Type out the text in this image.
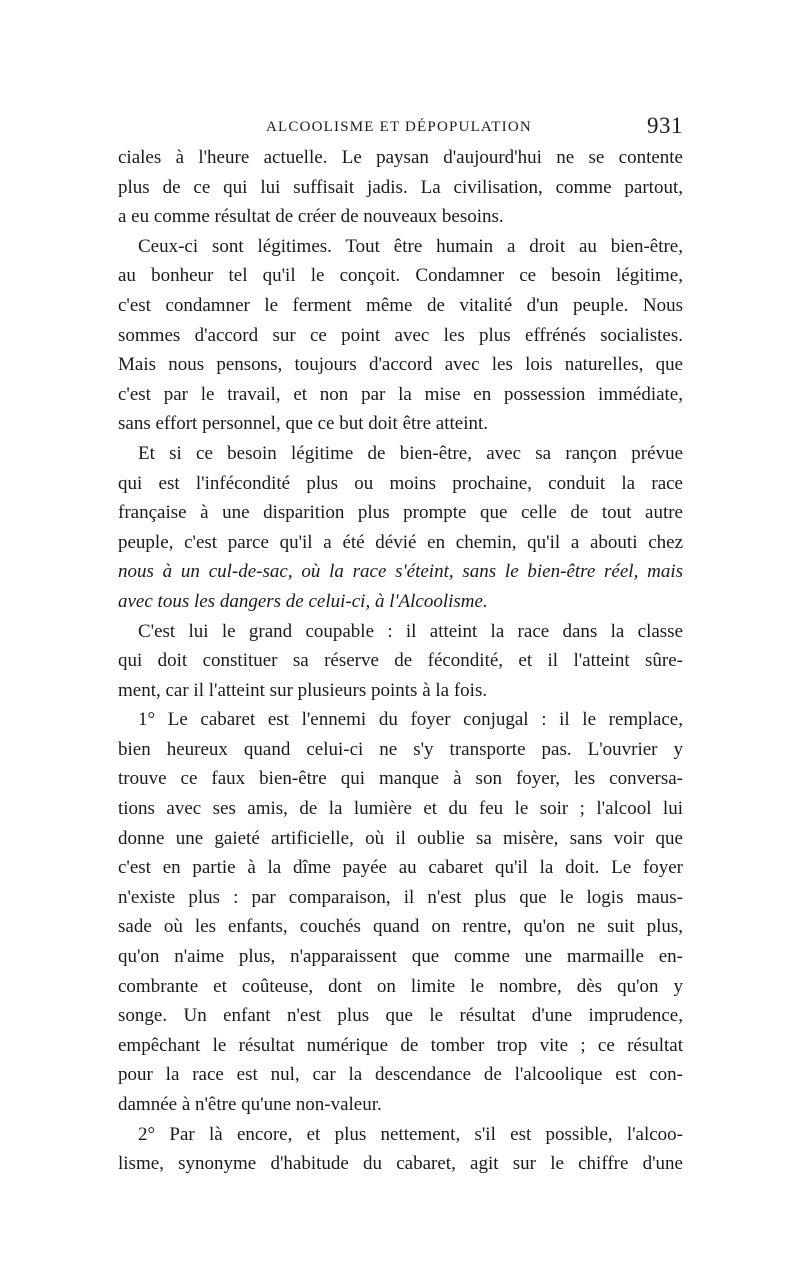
ALCOOLISME ET DÉPOPULATION	931
ciales à l'heure actuelle. Le paysan d'aujourd'hui ne se contente
plus de ce qui lui suffisait jadis. La civilisation, comme partout,
a eu comme résultat de créer de nouveaux besoins.
Ceux-ci sont légitimes. Tout être humain a droit au bien-être,
au bonheur tel qu'il le conçoit. Condamner ce besoin légitime,
c'est condamner le ferment même de vitalité d'un peuple. Nous
sommes d'accord sur ce point avec les plus effrénés socialistes.
Mais nous pensons, toujours d'accord avec les lois naturelles, que
c'est par le travail, et non par la mise en possession immédiate,
sans effort personnel, que ce but doit être atteint.
Et si ce besoin légitime de bien-être, avec sa rançon prévue
qui est l'infécondité plus ou moins prochaine, conduit la race
française à une disparition plus prompte que celle de tout autre
peuple, c'est parce qu'il a été dévié en chemin, qu'il a abouti chez
nous à un cul-de-sac, où la race s'éteint, sans le bien-être réel, mais
avec tous les dangers de celui-ci, à l'Alcoolisme.
C'est lui le grand coupable : il atteint la race dans la classe
qui doit constituer sa réserve de fécondité, et il l'atteint sûre-
ment, car il l'atteint sur plusieurs points à la fois.
1° Le cabaret est l'ennemi du foyer conjugal : il le remplace,
bien heureux quand celui-ci ne s'y transporte pas. L'ouvrier y
trouve ce faux bien-être qui manque à son foyer, les conversa-
tions avec ses amis, de la lumière et du feu le soir ; l'alcool lui
donne une gaieté artificielle, où il oublie sa misère, sans voir que
c'est en partie à la dîme payée au cabaret qu'il la doit. Le foyer
n'existe plus : par comparaison, il n'est plus que le logis maus-
sade où les enfants, couchés quand on rentre, qu'on ne suit plus,
qu'on n'aime plus, n'apparaissent que comme une marmaille en-
combrante et coûteuse, dont on limite le nombre, dès qu'on y
songe. Un enfant n'est plus que le résultat d'une imprudence,
empêchant le résultat numérique de tomber trop vite ; ce résultat
pour la race est nul, car la descendance de l'alcoolique est con-
damnée à n'être qu'une non-valeur.
2° Par là encore, et plus nettement, s'il est possible, l'alcoo-
lisme, synonyme d'habitude du cabaret, agit sur le chiffre d'une
